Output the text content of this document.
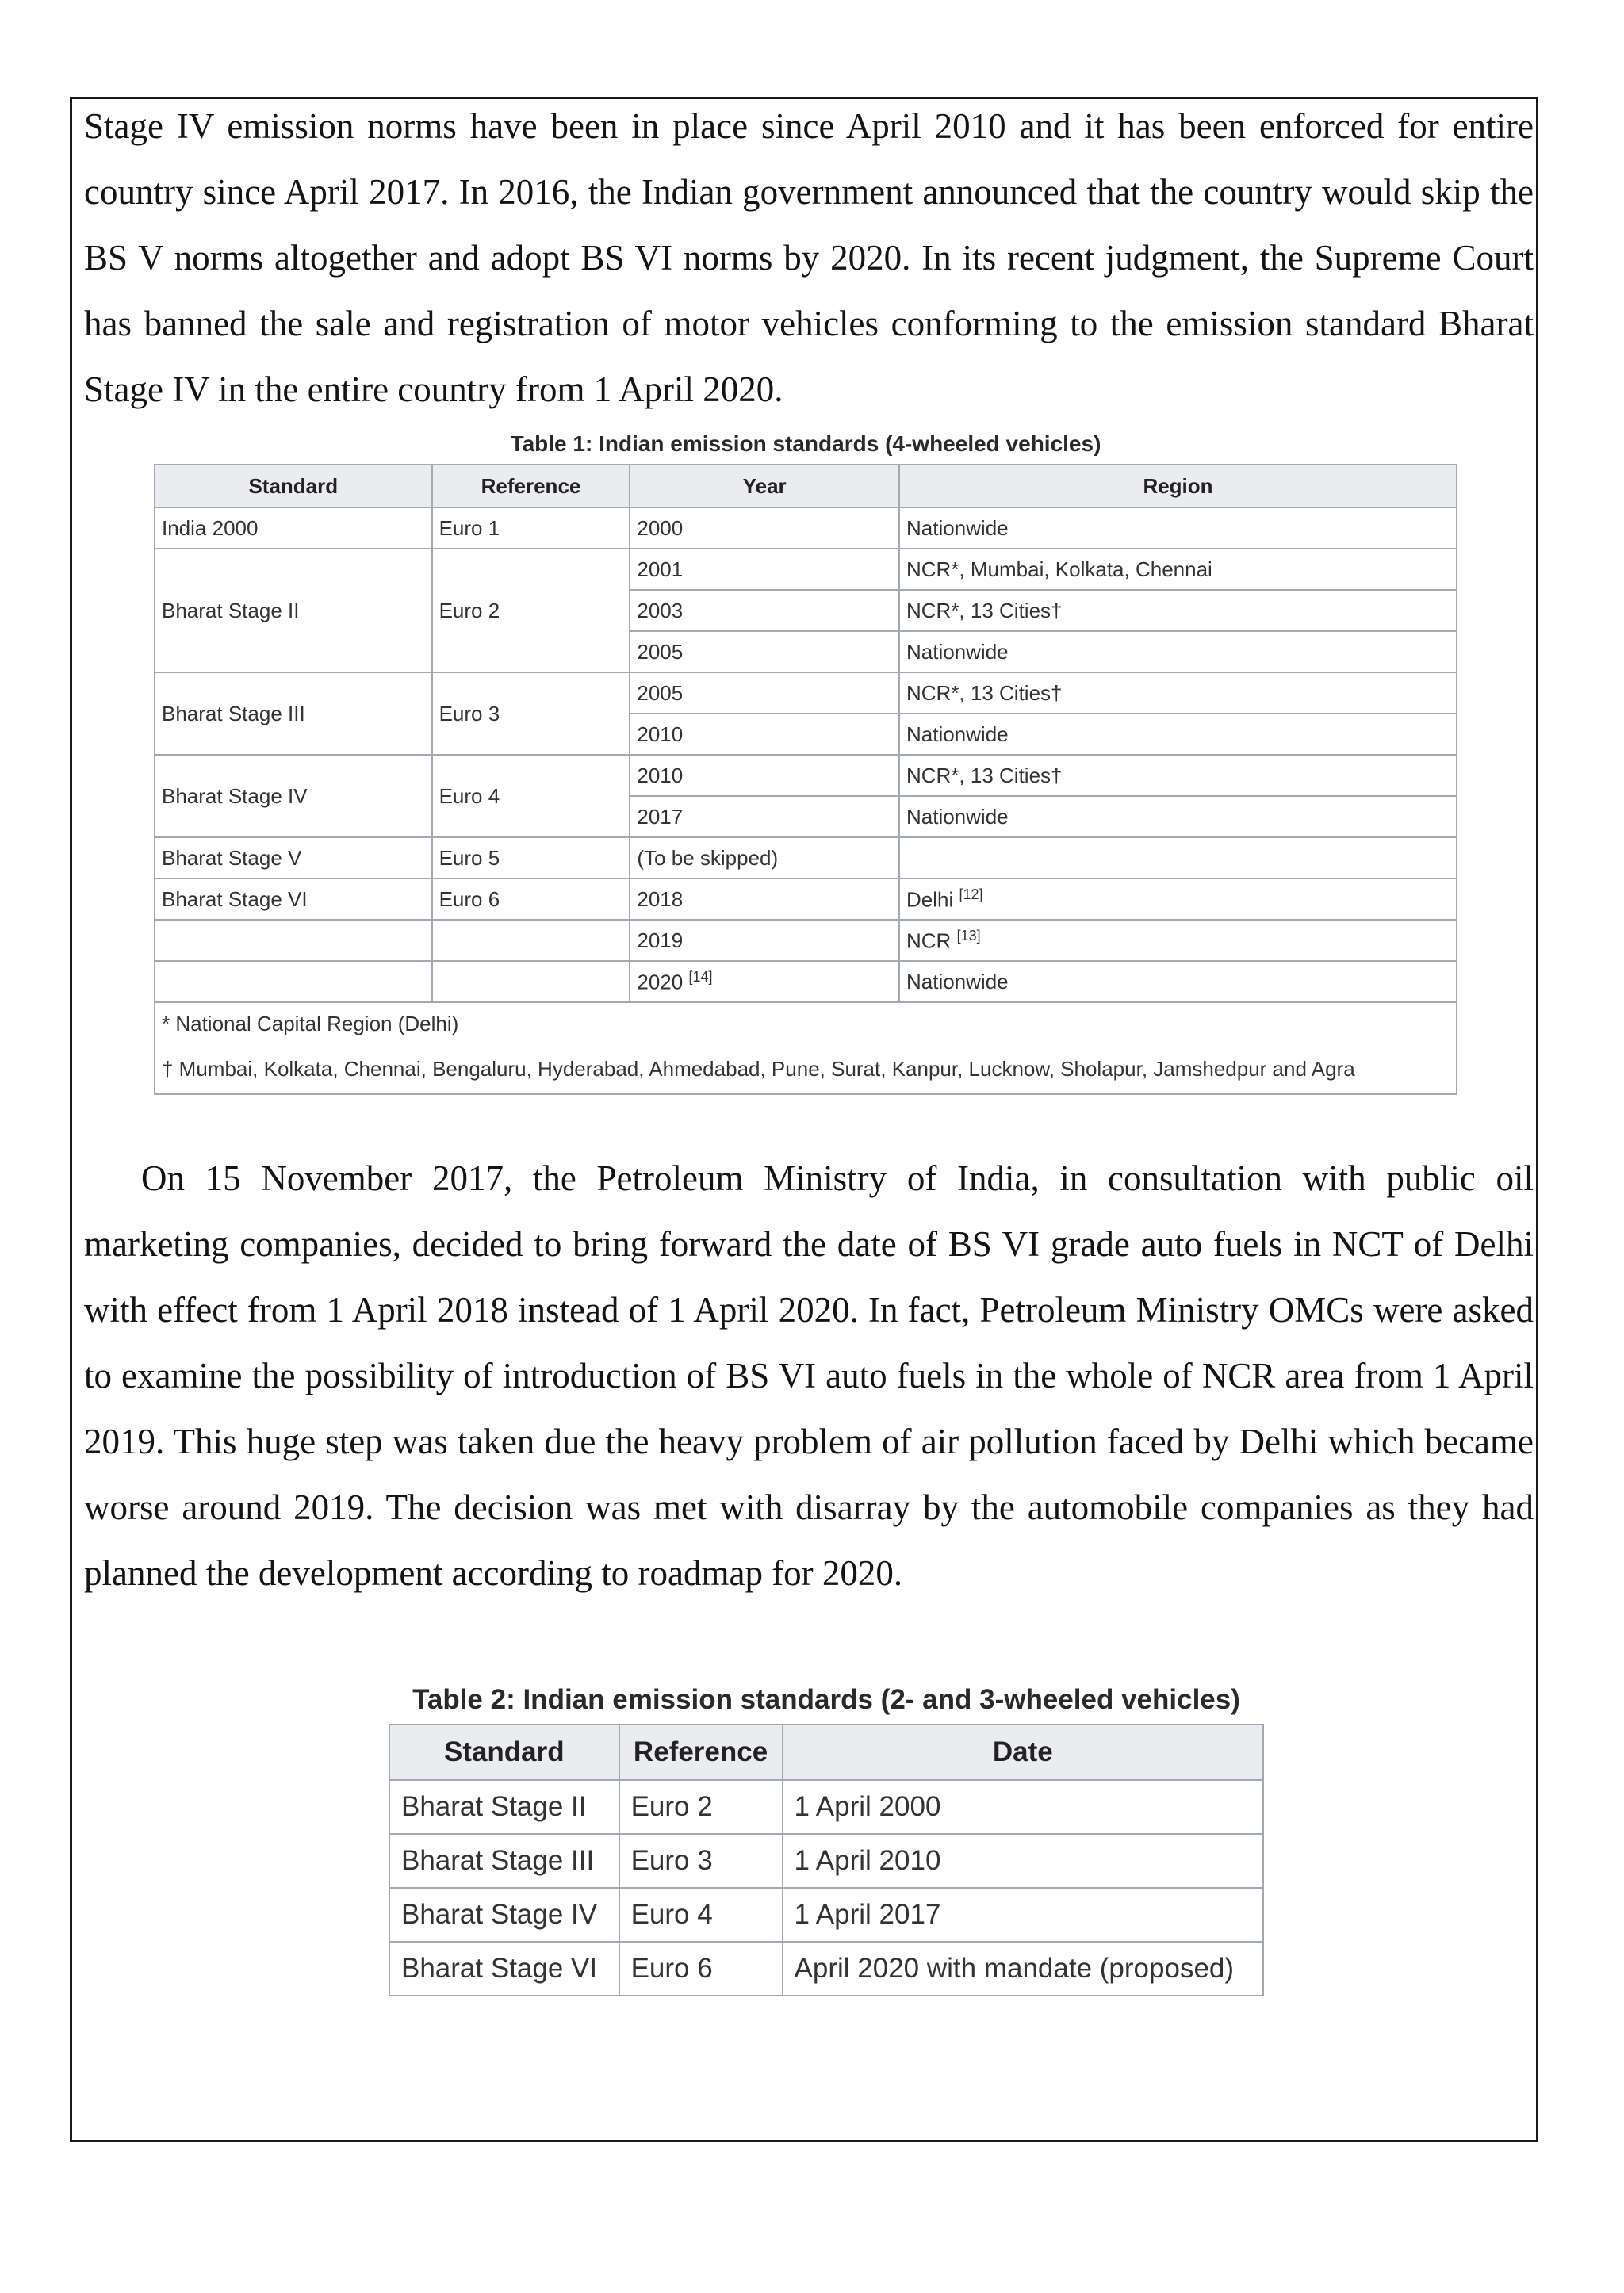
Stage IV emission norms have been in place since April 2010 and it has been enforced for entire country since April 2017. In 2016, the Indian government announced that the country would skip the BS V norms altogether and adopt BS VI norms by 2020. In its recent judgment, the Supreme Court has banned the sale and registration of motor vehicles conforming to the emission standard Bharat Stage IV in the entire country from 1 April 2020.

Table 1: Indian emission standards (4-wheeled vehicles)
Standard	Reference	Year	Region
India 2000	Euro 1	2000	Nationwide
Bharat Stage II	Euro 2	2001	NCR*, Mumbai, Kolkata, Chennai
		2003	NCR*, 13 Cities†
		2005	Nationwide
Bharat Stage III	Euro 3	2005	NCR*, 13 Cities†
		2010	Nationwide
Bharat Stage IV	Euro 4	2010	NCR*, 13 Cities†
		2017	Nationwide
Bharat Stage V	Euro 5	(To be skipped)	
Bharat Stage VI	Euro 6	2018	Delhi [12]
		2019	NCR [13]
		2020 [14]	Nationwide
* National Capital Region (Delhi)			
† Mumbai, Kolkata, Chennai, Bengaluru, Hyderabad, Ahmedabad, Pune, Surat, Kanpur, Lucknow, Sholapur, Jamshedpur and Agra			

On 15 November 2017, the Petroleum Ministry of India, in consultation with public oil marketing companies, decided to bring forward the date of BS VI grade auto fuels in NCT of Delhi with effect from 1 April 2018 instead of 1 April 2020. In fact, Petroleum Ministry OMCs were asked to examine the possibility of introduction of BS VI auto fuels in the whole of NCR area from 1 April 2019. This huge step was taken due the heavy problem of air pollution faced by Delhi which became worse around 2019. The decision was met with disarray by the automobile companies as they had planned the development according to roadmap for 2020.

Table 2: Indian emission standards (2- and 3-wheeled vehicles)
Standard	Reference	Date
Bharat Stage II	Euro 2	1 April 2000
Bharat Stage III	Euro 3	1 April 2010
Bharat Stage IV	Euro 4	1 April 2017
Bharat Stage VI	Euro 6	April 2020 with mandate (proposed)
